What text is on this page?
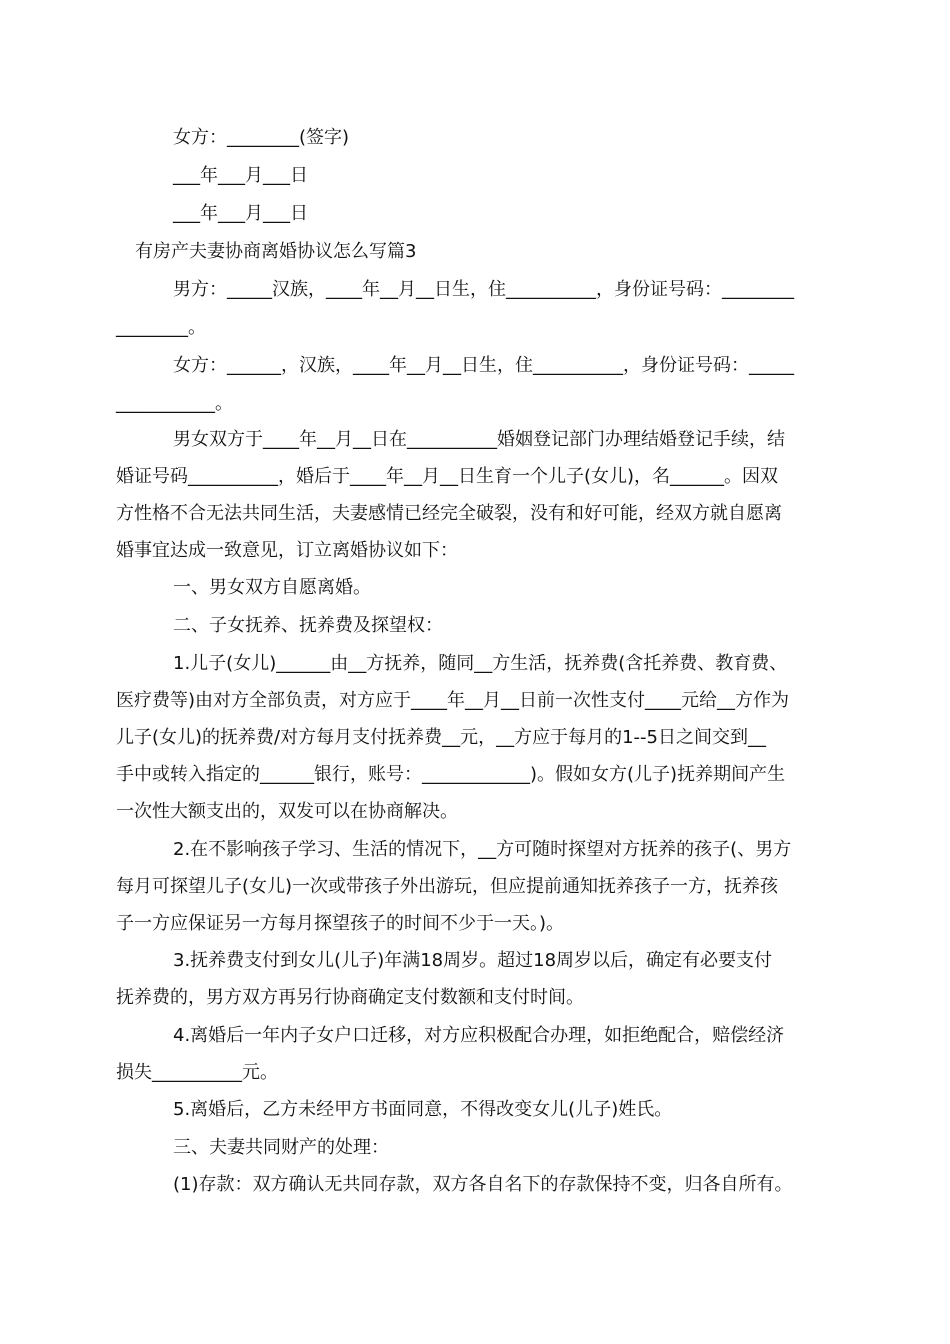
女方：________(签字)
___年___月___日
___年___月___日
有房产夫妻协商离婚协议怎么写篇3
男方：_____汉族，____年__月__日生，住__________，身份证号码：________
________。
女方：______，汉族，____年__月__日生，住__________，身份证号码：_____
___________。
男女双方于____年__月__日在__________婚姻登记部门办理结婚登记手续，结
婚证号码__________，婚后于____年__月__日生育一个儿子(女儿)，名______。因双
方性格不合无法共同生活，夫妻感情已经完全破裂，没有和好可能，经双方就自愿离
婚事宜达成一致意见，订立离婚协议如下：
一、男女双方自愿离婚。
二、子女抚养、抚养费及探望权：
1.儿子(女儿)______由__方抚养，随同__方生活，抚养费(含托养费、教育费、
医疗费等)由对方全部负责，对方应于____年__月__日前一次性支付____元给__方作为
儿子(女儿)的抚养费/对方每月支付抚养费__元，__方应于每月的1--5日之间交到__
手中或转入指定的______银行，账号：____________)。假如女方(儿子)抚养期间产生
一次性大额支出的，双发可以在协商解决。
2.在不影响孩子学习、生活的情况下，__方可随时探望对方抚养的孩子(、男方
每月可探望儿子(女儿)一次或带孩子外出游玩，但应提前通知抚养孩子一方，抚养孩
子一方应保证另一方每月探望孩子的时间不少于一天。)。
3.抚养费支付到女儿(儿子)年满18周岁。超过18周岁以后，确定有必要支付
抚养费的，男方双方再另行协商确定支付数额和支付时间。
4.离婚后一年内子女户口迁移，对方应积极配合办理，如拒绝配合，赔偿经济
损失__________元。
5.离婚后，乙方未经甲方书面同意，不得改变女儿(儿子)姓氏。
三、夫妻共同财产的处理：
(1)存款：双方确认无共同存款，双方各自名下的存款保持不变，归各自所有。
